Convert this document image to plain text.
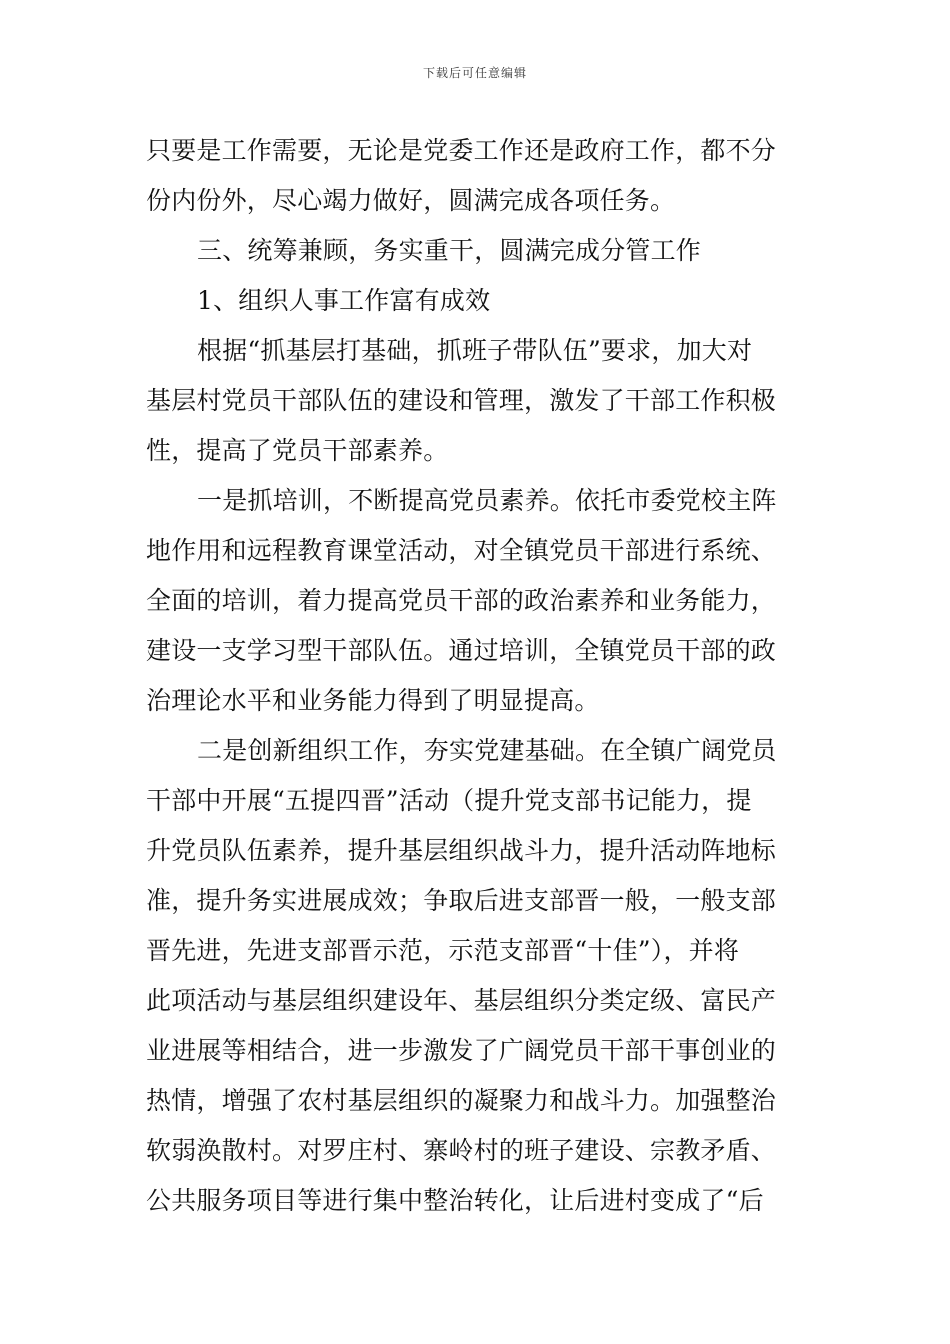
下载后可任意编辑
只要是工作需要，无论是党委工作还是政府工作，都不分
份内份外，尽心竭力做好，圆满完成各项任务。
三、统筹兼顾，务实重干，圆满完成分管工作
1、组织人事工作富有成效
根据“抓基层打基础，抓班子带队伍”要求，加大对
基层村党员干部队伍的建设和管理，激发了干部工作积极
性，提高了党员干部素养。
一是抓培训，不断提高党员素养。依托市委党校主阵
地作用和远程教育课堂活动，对全镇党员干部进行系统、
全面的培训，着力提高党员干部的政治素养和业务能力，
建设一支学习型干部队伍。通过培训，全镇党员干部的政
治理论水平和业务能力得到了明显提高。
二是创新组织工作，夯实党建基础。在全镇广阔党员
干部中开展“五提四晋”活动（提升党支部书记能力，提
升党员队伍素养，提升基层组织战斗力，提升活动阵地标
准，提升务实进展成效；争取后进支部晋一般，一般支部
晋先进，先进支部晋示范，示范支部晋“十佳”），并将
此项活动与基层组织建设年、基层组织分类定级、富民产
业进展等相结合，进一步激发了广阔党员干部干事创业的
热情，增强了农村基层组织的凝聚力和战斗力。加强整治
软弱涣散村。对罗庄村、寨岭村的班子建设、宗教矛盾、
公共服务项目等进行集中整治转化，让后进村变成了“后
